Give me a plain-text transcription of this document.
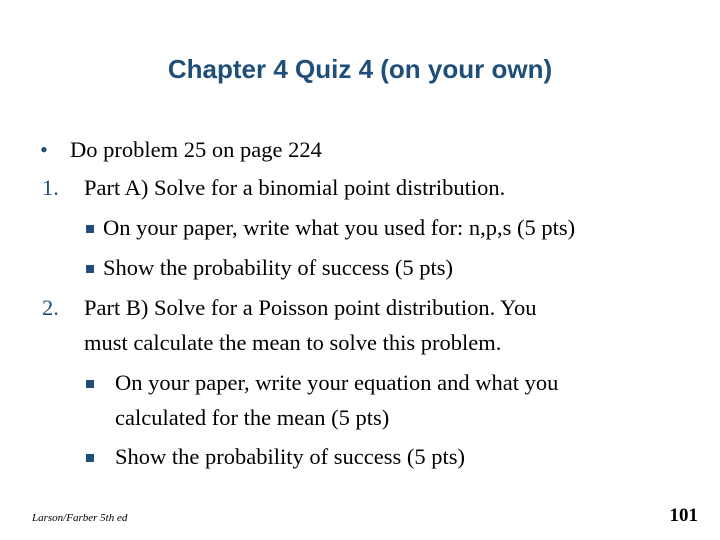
Chapter 4 Quiz 4 (on your own)
• Do problem 25 on page 224
1. Part A) Solve for a binomial point distribution.
On your paper, write what you used for: n,p,s (5 pts)
Show the probability of success (5 pts)
2. Part B) Solve for a Poisson point distribution. You
must calculate the mean to solve this problem.
On your paper, write your equation and what you
calculated for the mean (5 pts)
Show the probability of success (5 pts)
Larson/Farber 5th ed	101
